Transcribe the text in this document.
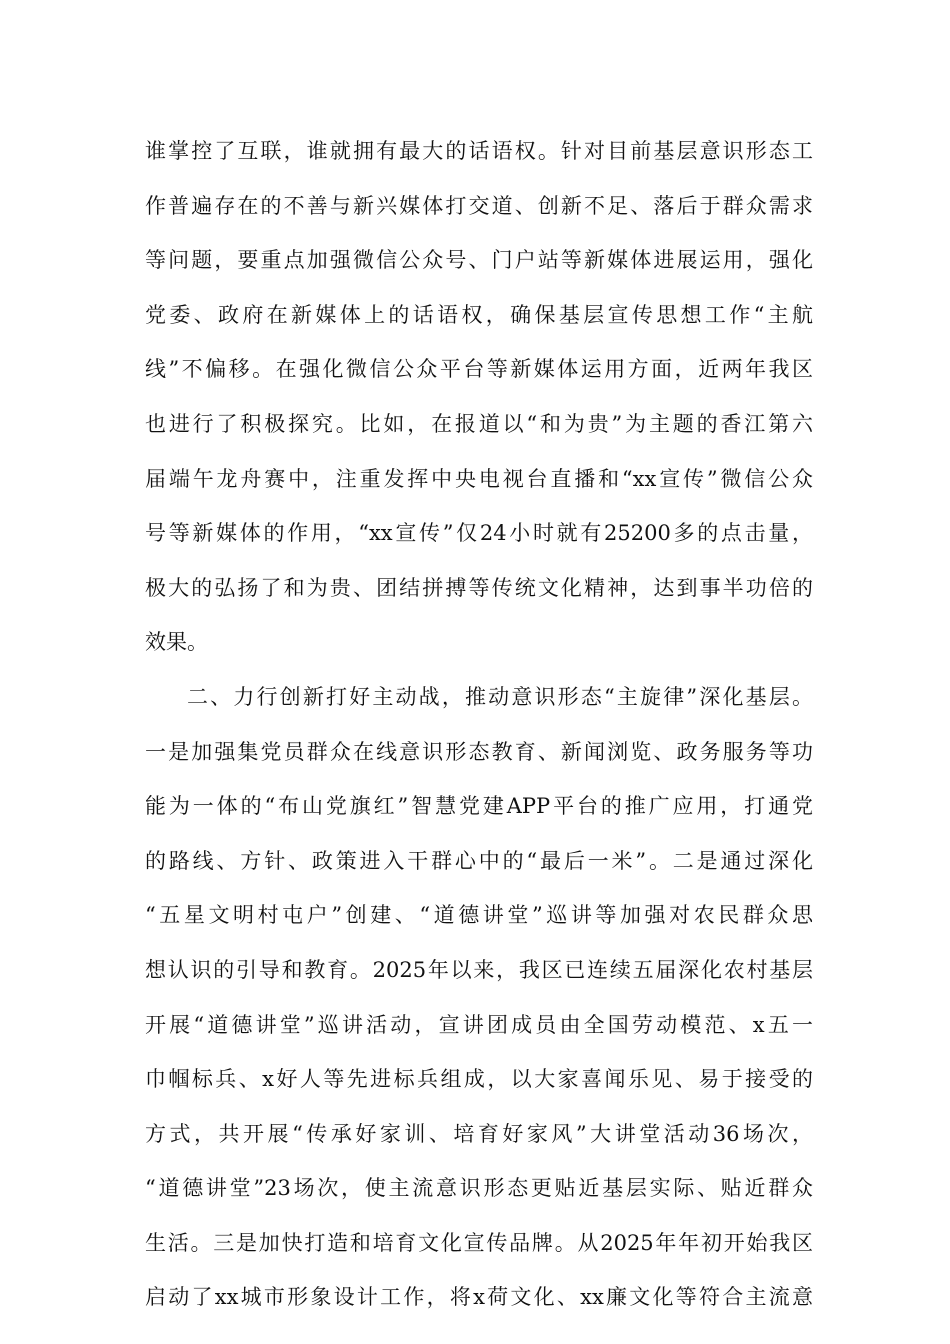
谁掌控了互联，谁就拥有最大的话语权。针对目前基层意识形态工
作普遍存在的不善与新兴媒体打交道、创新不足、落后于群众需求
等问题，要重点加强微信公众号、门户站等新媒体进展运用，强化
党委、政府在新媒体上的话语权，确保基层宣传思想工作“主航
线”不偏移。在强化微信公众平台等新媒体运用方面，近两年我区
也进行了积极探究。比如，在报道以“和为贵”为主题的香江第六
届端午龙舟赛中，注重发挥中央电视台直播和“xx宣传”微信公众
号等新媒体的作用，“xx宣传”仅24小时就有25200多的点击量，
极大的弘扬了和为贵、团结拼搏等传统文化精神，达到事半功倍的
效果。
二、力行创新打好主动战，推动意识形态“主旋律”深化基层。
一是加强集党员群众在线意识形态教育、新闻浏览、政务服务等功
能为一体的“布山党旗红”智慧党建APP平台的推广应用，打通党
的路线、方针、政策进入干群心中的“最后一米”。二是通过深化
“五星文明村屯户”创建、“道德讲堂”巡讲等加强对农民群众思
想认识的引导和教育。2025年以来，我区已连续五届深化农村基层
开展“道德讲堂”巡讲活动，宣讲团成员由全国劳动模范、x五一
巾帼标兵、x好人等先进标兵组成，以大家喜闻乐见、易于接受的
方式，共开展“传承好家训、培育好家风”大讲堂活动36场次，
“道德讲堂”23场次，使主流意识形态更贴近基层实际、贴近群众
生活。三是加快打造和培育文化宣传品牌。从2025年年初开始我区
启动了xx城市形象设计工作，将x荷文化、xx廉文化等符合主流意
